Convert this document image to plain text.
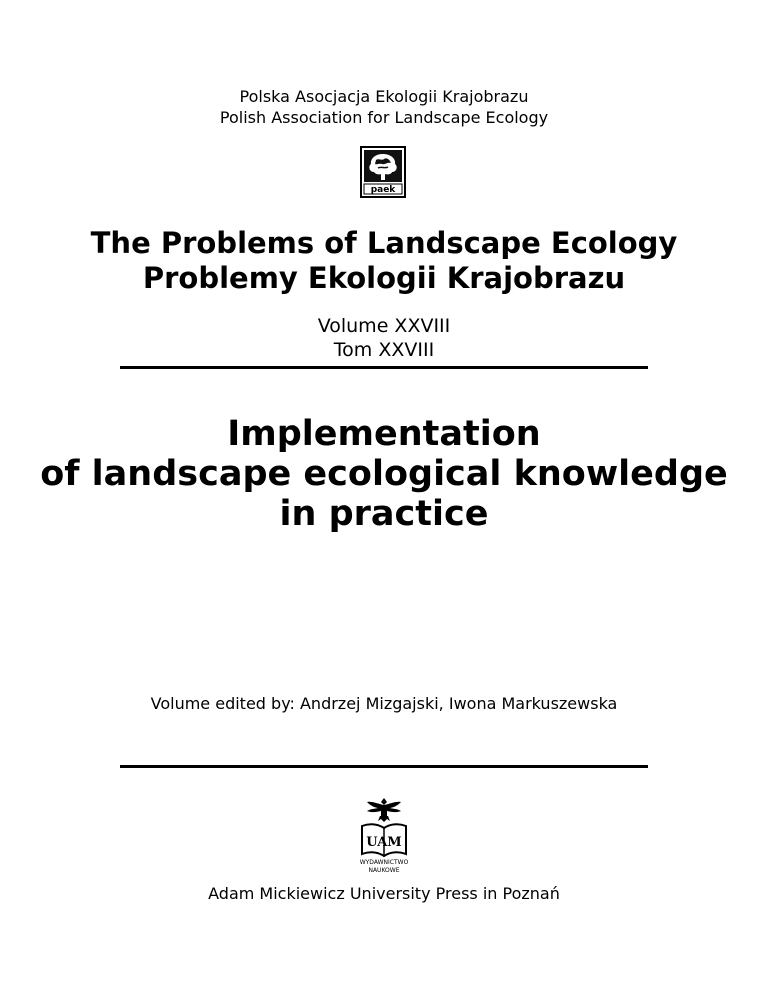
Polska Asocjacja Ekologii Krajobrazu
Polish Association for Landscape Ecology
paek
The Problems of Landscape Ecology
Problemy Ekologii Krajobrazu
Volume XXVIII
Tom XXVIII
Implementation
of landscape ecological knowledge
in practice
Volume edited by: Andrzej Mizgajski, Iwona Markuszewska
UAM
WYDAWNICTWO
NAUKOWE
Adam Mickiewicz University Press in Poznań
